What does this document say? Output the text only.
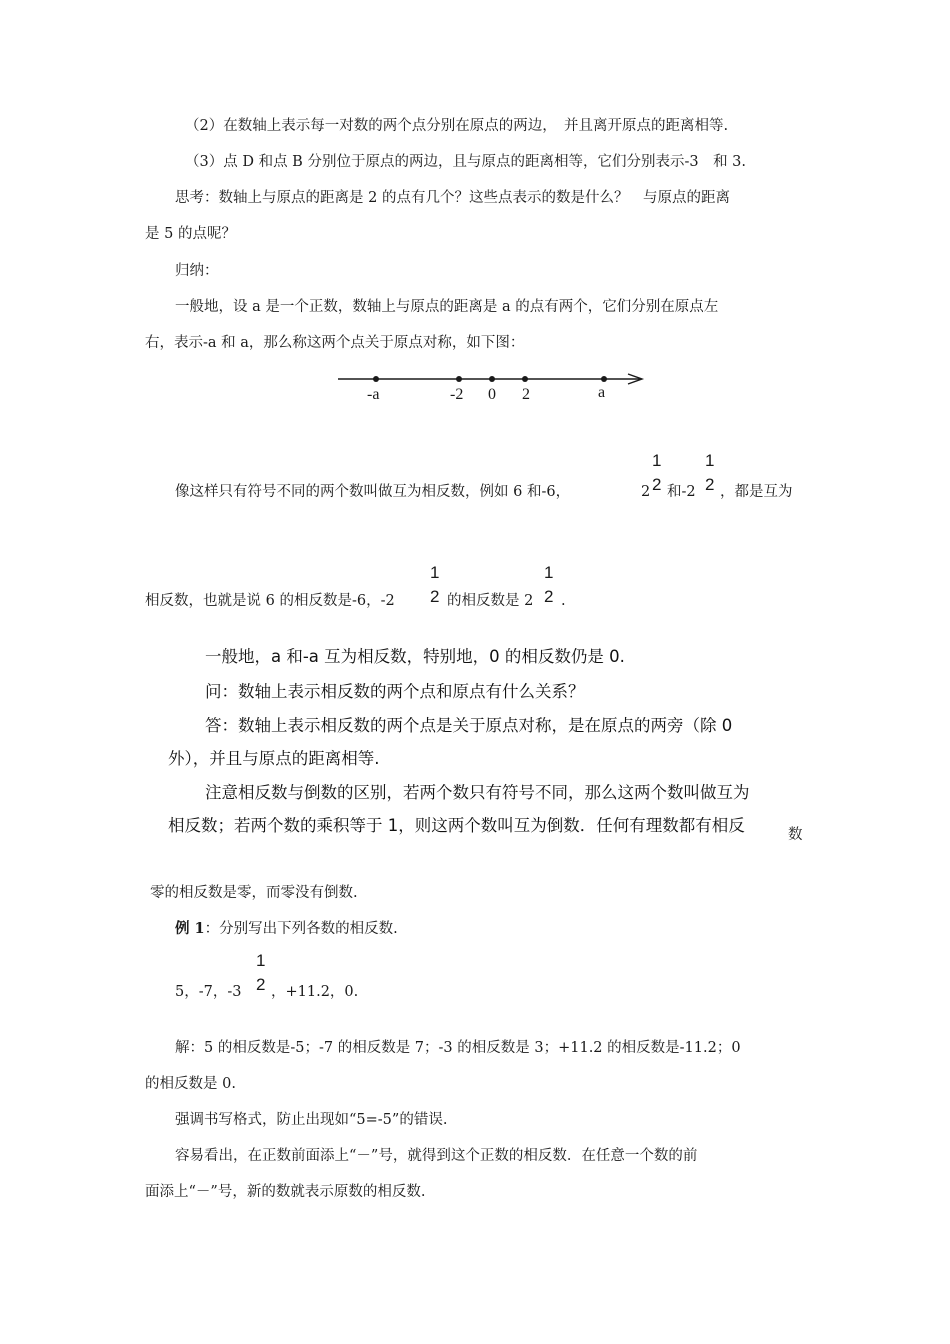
（2）在数轴上表示每一对数的两个点分别在原点的两边，　并且离开原点的距离相等.
（3）点 D 和点 B 分别位于原点的两边，且与原点的距离相等，它们分别表示-3　和 3.
思考：数轴上与原点的距离是 2 的点有几个？这些点表示的数是什么？　与原点的距离
是 5 的点呢？
归纳：
一般地，设 a 是一个正数，数轴上与原点的距离是 a 的点有两个，它们分别在原点左
右，表示-a 和 a，那么称这两个点关于原点对称，如下图：
-a	-2 0 2	a
像这样只有符号不同的两个数叫做互为相反数，例如 6 和-6，	2
1
2 和-2
1
2 ，都是互为
相反数，也就是说 6 的相反数是-6，-2
1
2 的相反数是 2
1
2 .
一般地，a 和-a 互为相反数，特别地，0 的相反数仍是 0.
问：数轴上表示相反数的两个点和原点有什么关系？
答：数轴上表示相反数的两个点是关于原点对称，是在原点的两旁（除 0
外），并且与原点的距离相等.
注意相反数与倒数的区别，若两个数只有符号不同，那么这两个数叫做互为
相反数；若两个数的乘积等于 1，则这两个数叫互为倒数．任何有理数都有相反	数
零的相反数是零，而零没有倒数.
例 1：分别写出下列各数的相反数.
5，-7，-3
1
2 ，+11.2，0.
解：5 的相反数是-5；-7 的相反数是 7；-3 的相反数是 3；+11.2 的相反数是-11.2；0
的相反数是 0.
强调书写格式，防止出现如“5=-5”的错误.
容易看出，在正数前面添上“－”号，就得到这个正数的相反数．在任意一个数的前
面添上“－”号，新的数就表示原数的相反数.
